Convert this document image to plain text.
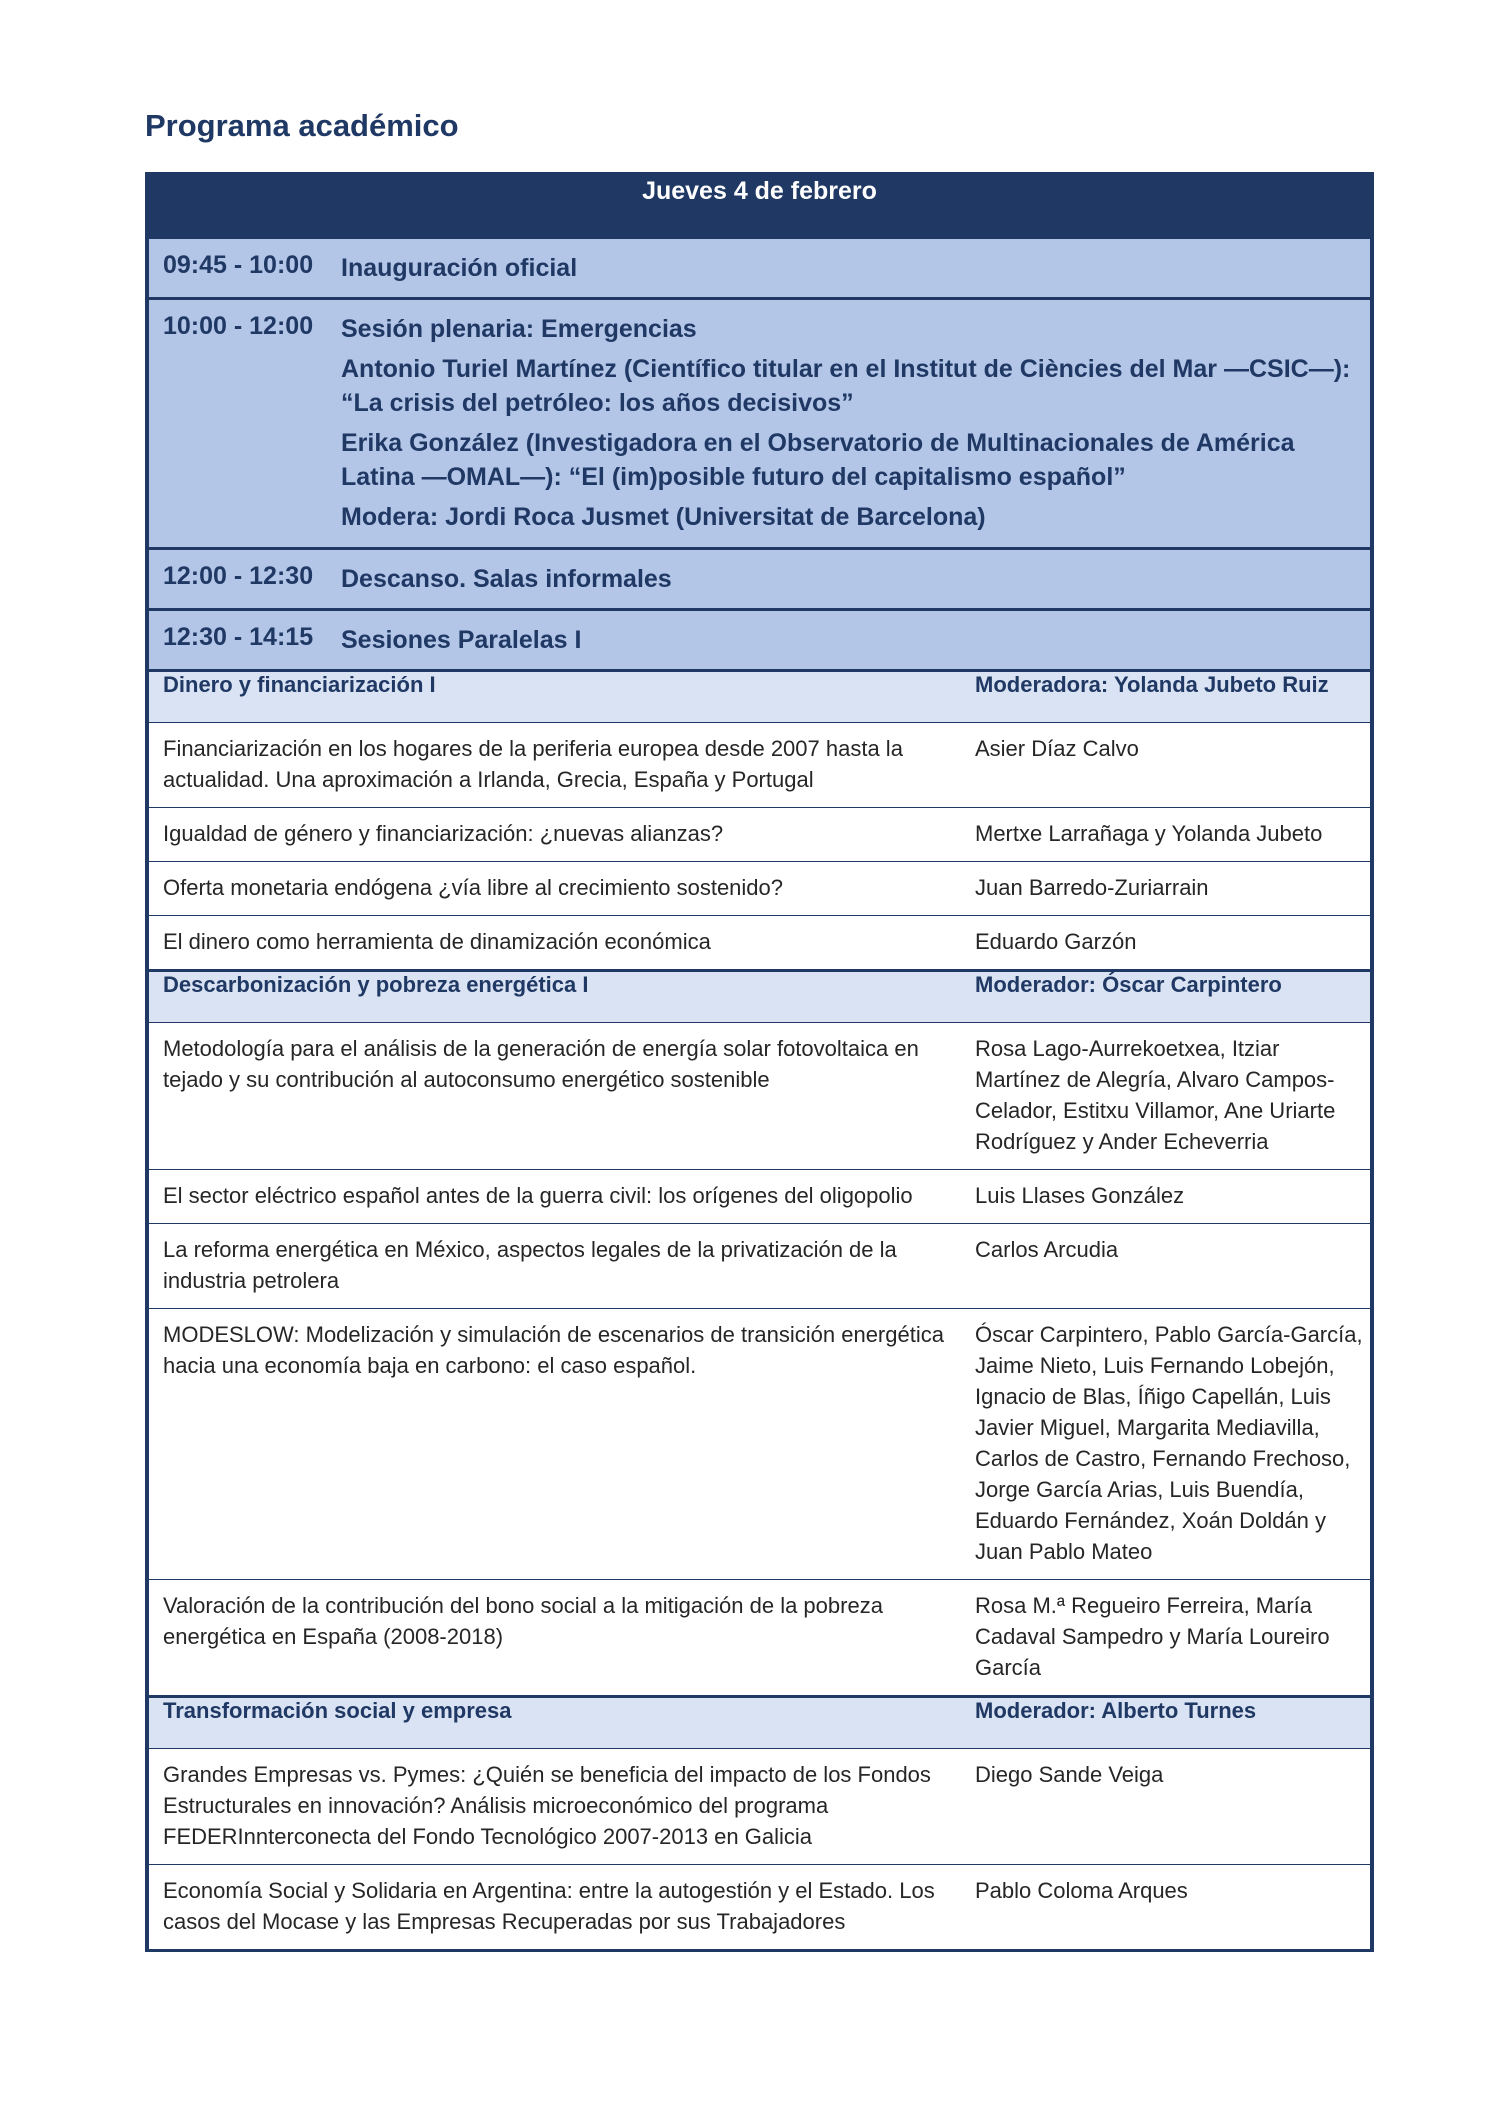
Programa académico
Jueves 4 de febrero		
09:45 - 10:00	Inauguración oficial	

10:00 - 12:00	Sesión plenaria: Emergencias

Antonio Turiel Martínez (Científico titular en el Institut de Ciències del Mar —CSIC—): “La crisis del petróleo: los años decisivos”

Erika González (Investigadora en el Observatorio de Multinacionales de América Latina —OMAL—): “El (im)posible futuro del capitalismo español”

Modera: Jordi Roca Jusmet (Universitat de Barcelona)	

12:00 - 12:30	Descanso. Salas informales	

12:30 - 14:15	Sesiones Paralelas I	

Dinero y financiarización I		Moderadora: Yolanda Jubeto Ruiz
Financiarización en los hogares de la periferia europea desde 2007 hasta la actualidad. Una aproximación a Irlanda, Grecia, España y Portugal		Asier Díaz Calvo
Igualdad de género y financiarización: ¿nuevas alianzas?		Mertxe Larrañaga y Yolanda Jubeto
Oferta monetaria endógena ¿vía libre al crecimiento sostenido?		Juan Barredo-Zuriarrain
El dinero como herramienta de dinamización económica		Eduardo Garzón
Descarbonización y pobreza energética I		Moderador: Óscar Carpintero
Metodología para el análisis de la generación de energía solar fotovoltaica en tejado y su contribución al autoconsumo energético sostenible		Rosa Lago-Aurrekoetxea, Itziar Martínez de Alegría, Alvaro Campos-Celador, Estitxu Villamor, Ane Uriarte Rodríguez y Ander Echeverria
El sector eléctrico español antes de la guerra civil: los orígenes del oligopolio		Luis Llases González
La reforma energética en México, aspectos legales de la privatización de la industria petrolera		Carlos Arcudia
MODESLOW: Modelización y simulación de escenarios de transición energética hacia una economía baja en carbono: el caso español.		Óscar Carpintero, Pablo García-García, Jaime Nieto, Luis Fernando Lobejón, Ignacio de Blas, Íñigo Capellán, Luis Javier Miguel, Margarita Mediavilla, Carlos de Castro, Fernando Frechoso, Jorge García Arias, Luis Buendía, Eduardo Fernández, Xoán Doldán y Juan Pablo Mateo
Valoración de la contribución del bono social a la mitigación de la pobreza energética en España (2008-2018)		Rosa M.ª Regueiro Ferreira, María Cadaval Sampedro y María Loureiro García
Transformación social y empresa		Moderador: Alberto Turnes
Grandes Empresas vs. Pymes: ¿Quién se beneficia del impacto de los Fondos Estructurales en innovación? Análisis microeconómico del programa FEDERInnterconecta del Fondo Tecnológico 2007-2013 en Galicia		Diego Sande Veiga
Economía Social y Solidaria en Argentina: entre la autogestión y el Estado. Los casos del Mocase y las Empresas Recuperadas por sus Trabajadores		Pablo Coloma Arques
